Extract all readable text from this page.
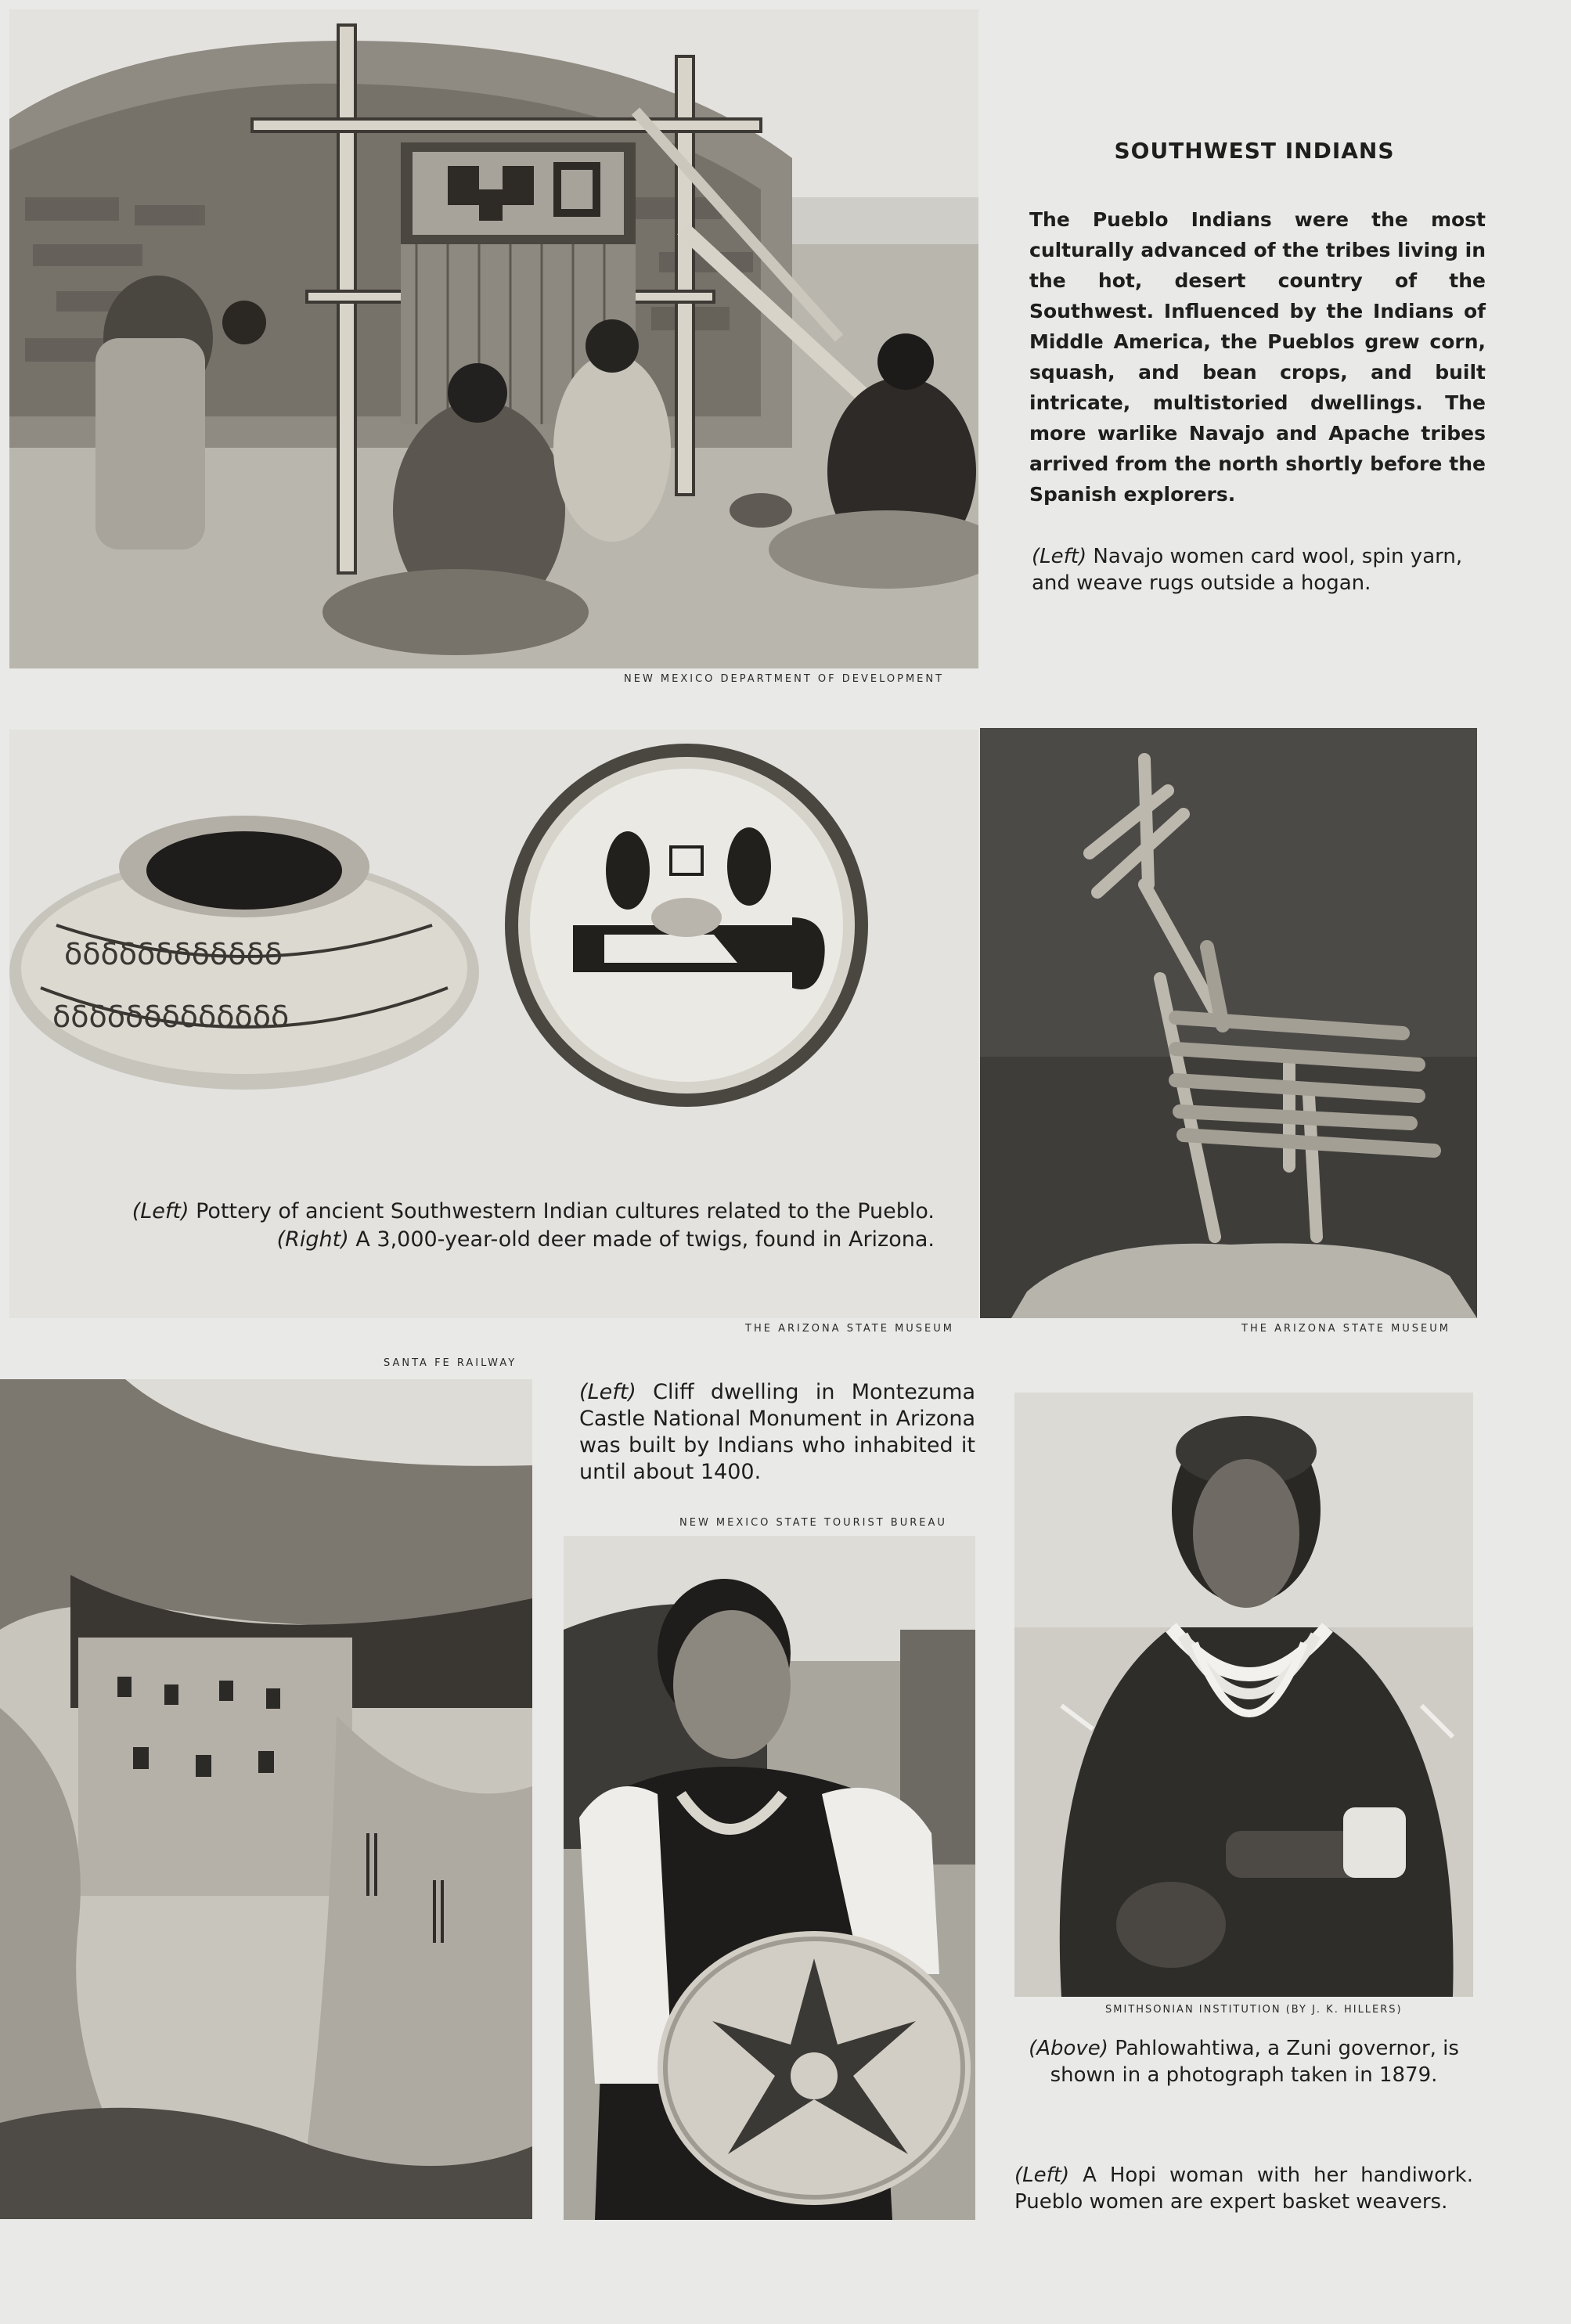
SOUTHWEST INDIANS
The Pueblo Indians were the most culturally advanced of the tribes living in the hot, desert country of the Southwest. Influenced by the Indians of Middle America, the Pueblos grew corn, squash, and bean crops, and built intricate, multistoried dwellings. The more warlike Navajo and Apache tribes arrived from the north shortly before the Spanish explorers.
(Left) Navajo women card wool, spin yarn, and weave rugs outside a hogan.
NEW MEXICO DEPARTMENT OF DEVELOPMENT
δδδδδδδδδδδδ
δδδδδδδδδδδδδ
(Left) Pottery of ancient Southwestern Indian cultures related to the Pueblo.
(Right) A 3,000-year-old deer made of twigs, found in Arizona.
THE ARIZONA STATE MUSEUM	THE ARIZONA STATE MUSEUM
SANTA FE RAILWAY
(Left) Cliff dwelling in Montezuma Castle National Monument in Arizona was built by Indians who inhabited it until about 1400.
NEW MEXICO STATE TOURIST BUREAU
SMITHSONIAN INSTITUTION (BY J. K. HILLERS)
(Above) Pahlowahtiwa, a Zuni governor, is shown in a photograph taken in 1879.
(Left) A Hopi woman with her handiwork. Pueblo women are expert basket weavers.
